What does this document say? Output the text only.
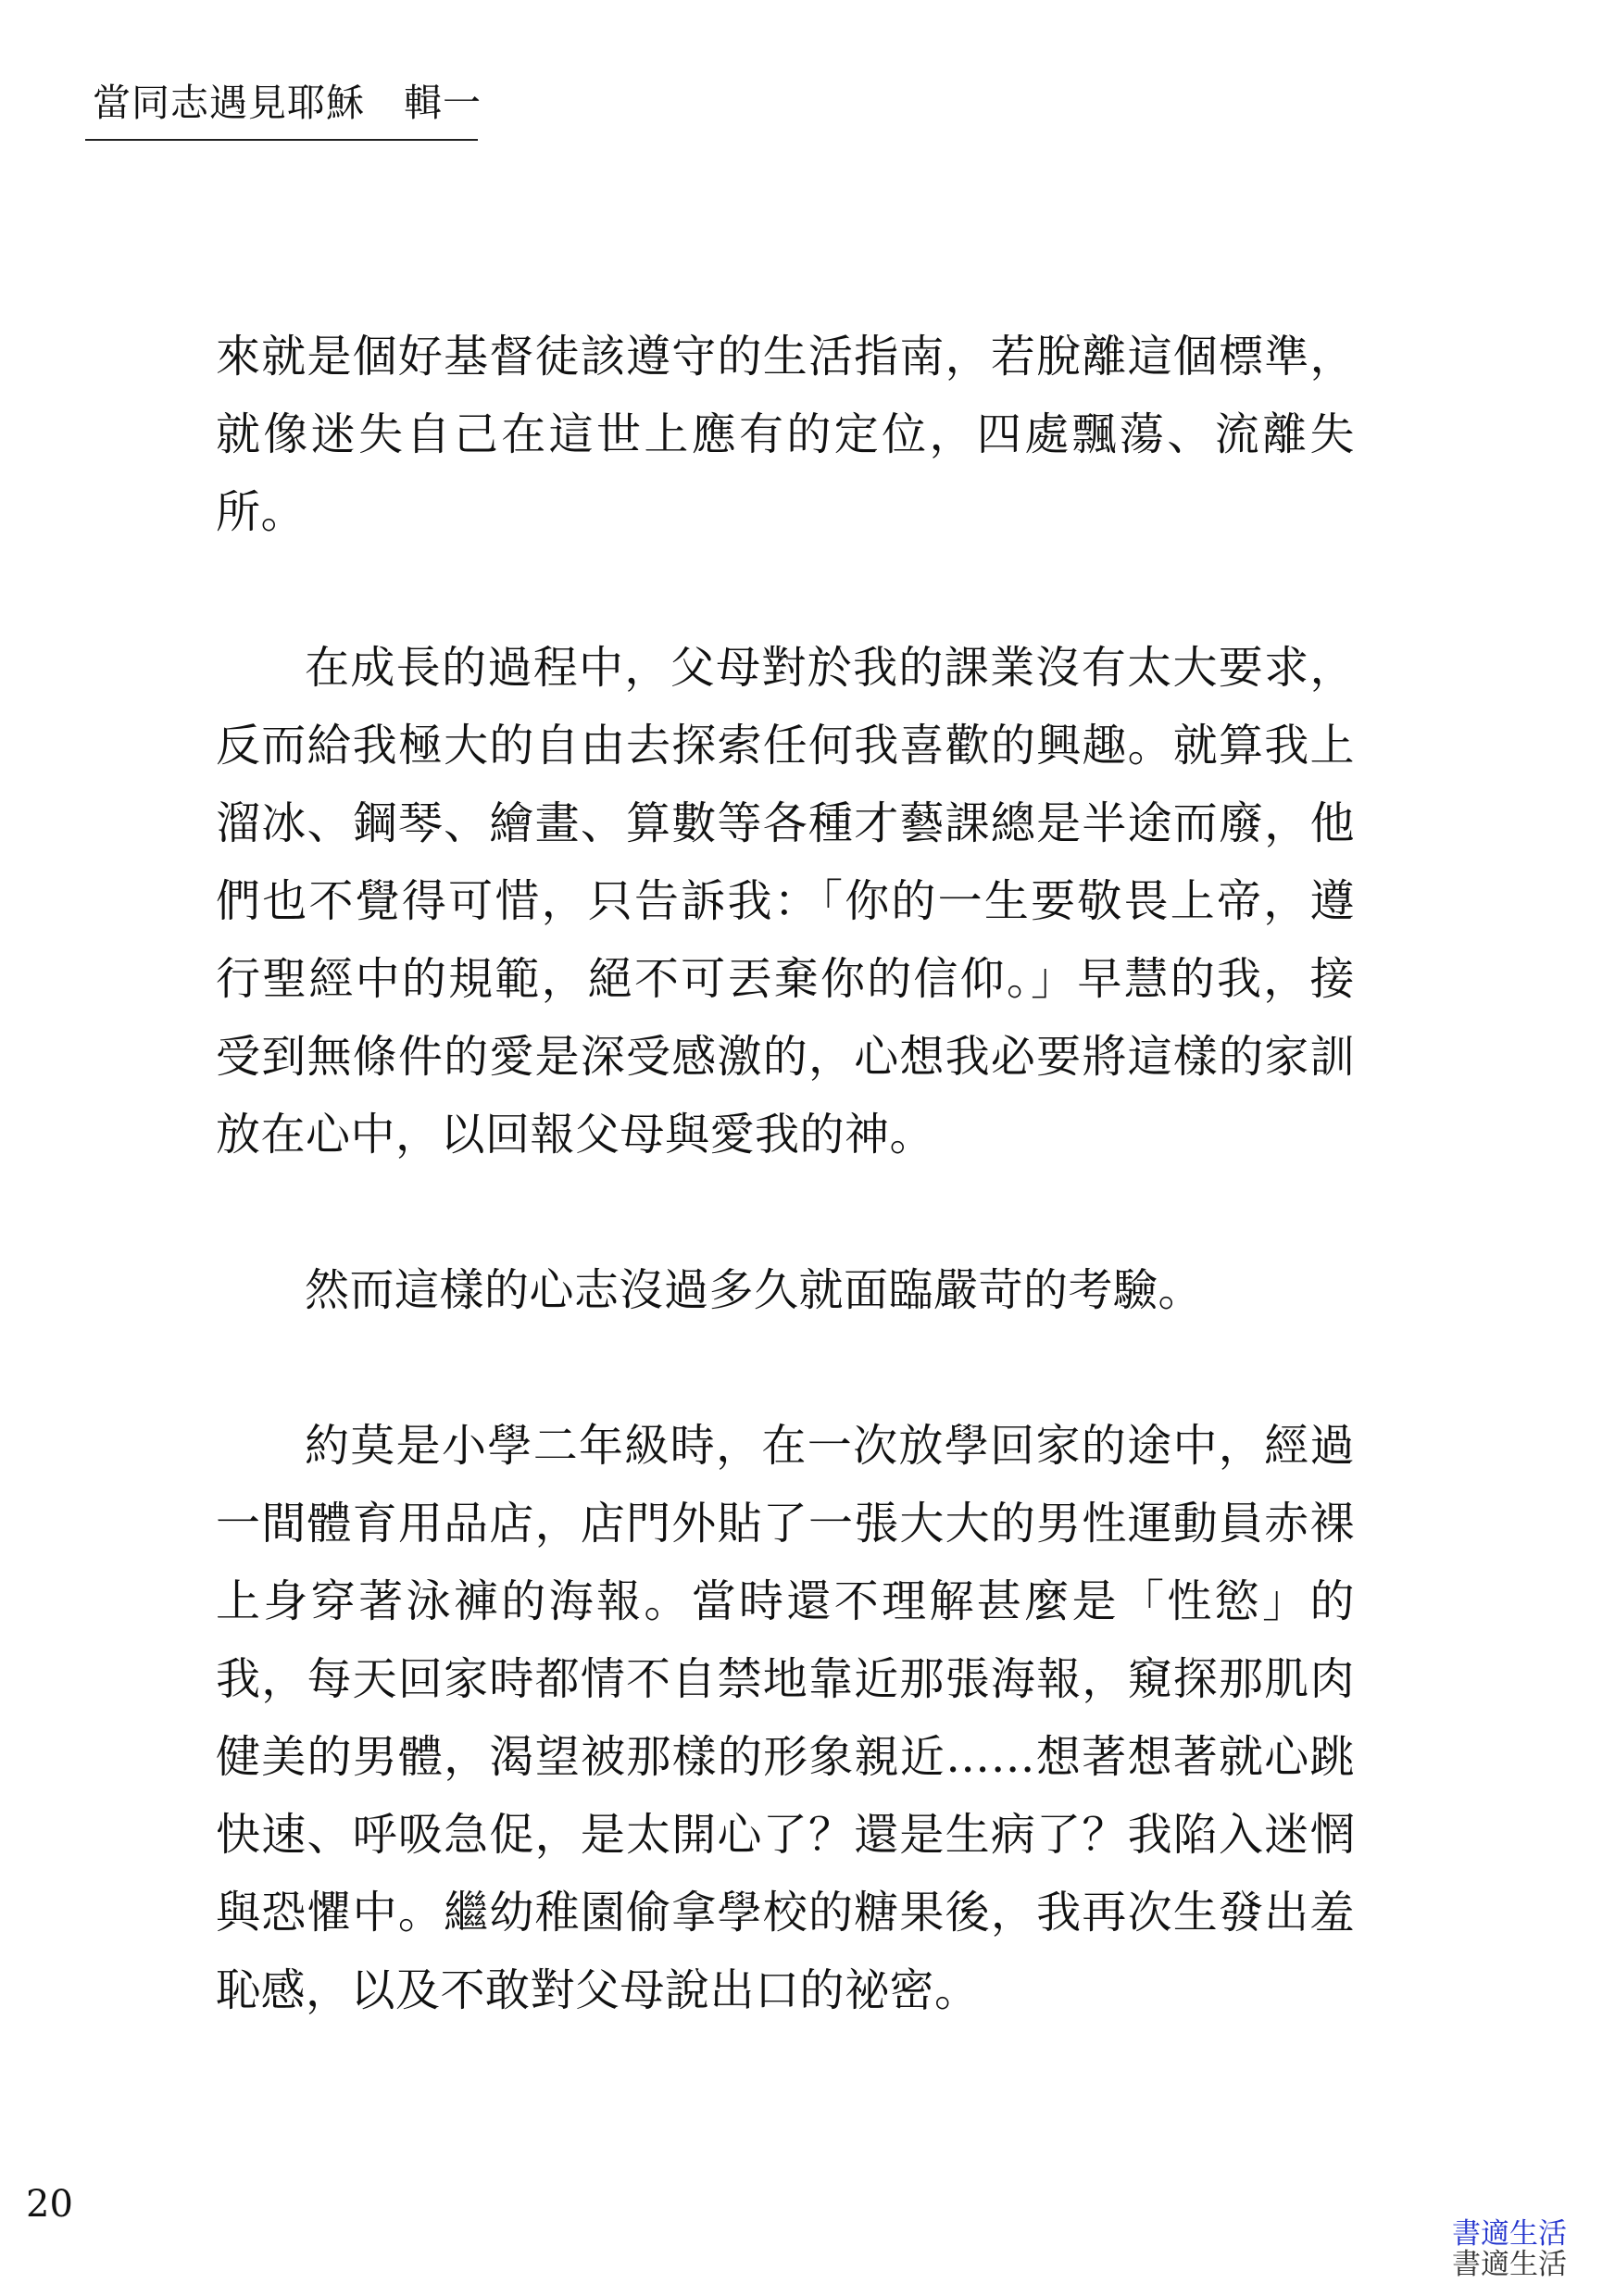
當同志遇見耶穌　輯一

來就是個好基督徒該遵守的生活指南，若脫離這個標準，就像迷失自己在這世上應有的定位，四處飄蕩、流離失所。

在成長的過程中，父母對於我的課業沒有太大要求，反而給我極大的自由去探索任何我喜歡的興趣。就算我上溜冰、鋼琴、繪畫、算數等各種才藝課總是半途而廢，他們也不覺得可惜，只告訴我：「你的一生要敬畏上帝，遵行聖經中的規範，絕不可丟棄你的信仰。」早慧的我，接受到無條件的愛是深受感激的，心想我必要將這樣的家訓放在心中，以回報父母與愛我的神。

然而這樣的心志沒過多久就面臨嚴苛的考驗。

約莫是小學二年級時，在一次放學回家的途中，經過一間體育用品店，店門外貼了一張大大的男性運動員赤裸上身穿著泳褲的海報。當時還不理解甚麼是「性慾」的我，每天回家時都情不自禁地靠近那張海報，窺探那肌肉健美的男體，渴望被那樣的形象親近……想著想著就心跳快速、呼吸急促，是太開心了？還是生病了？我陷入迷惘與恐懼中。繼幼稚園偷拿學校的糖果後，我再次生發出羞恥感，以及不敢對父母說出口的祕密。

20
書適生活
書適生活
